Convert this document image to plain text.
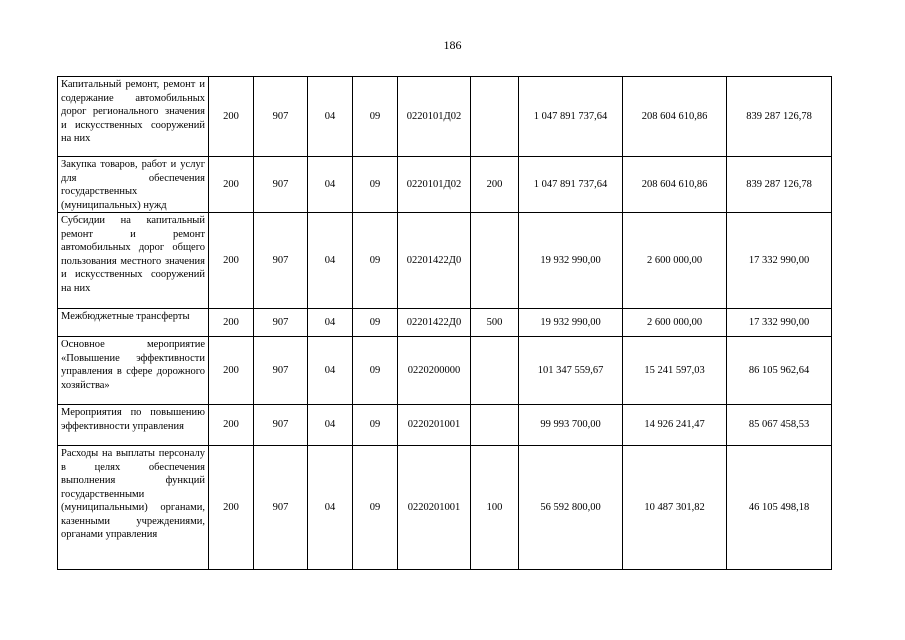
186
Капитальный ремонт, ремонт и содержание автомобильных дорог регионального значения и искусственных сооружений на них	200	907	04	09	0220101Д02		1 047 891 737,64	208 604 610,86	839 287 126,78
Закупка товаров, работ и услуг для обеспечения государственных (муниципальных) нужд	200	907	04	09	0220101Д02	200	1 047 891 737,64	208 604 610,86	839 287 126,78
Субсидии на капитальный ремонт и ремонт автомобильных дорог общего пользования местного значения и искусственных сооружений на них	200	907	04	09	02201422Д0		19 932 990,00	2 600 000,00	17 332 990,00
Межбюджетные трансферты	200	907	04	09	02201422Д0	500	19 932 990,00	2 600 000,00	17 332 990,00
Основное мероприятие «Повышение эффективности управления в сфере дорожного хозяйства»	200	907	04	09	0220200000		101 347 559,67	15 241 597,03	86 105 962,64
Мероприятия по повышению эффективности управления	200	907	04	09	0220201001		99 993 700,00	14 926 241,47	85 067 458,53
Расходы на выплаты персоналу в целях обеспечения выполнения функций государственными (муниципальными) органами, казенными учреждениями, органами управления	200	907	04	09	0220201001	100	56 592 800,00	10 487 301,82	46 105 498,18
